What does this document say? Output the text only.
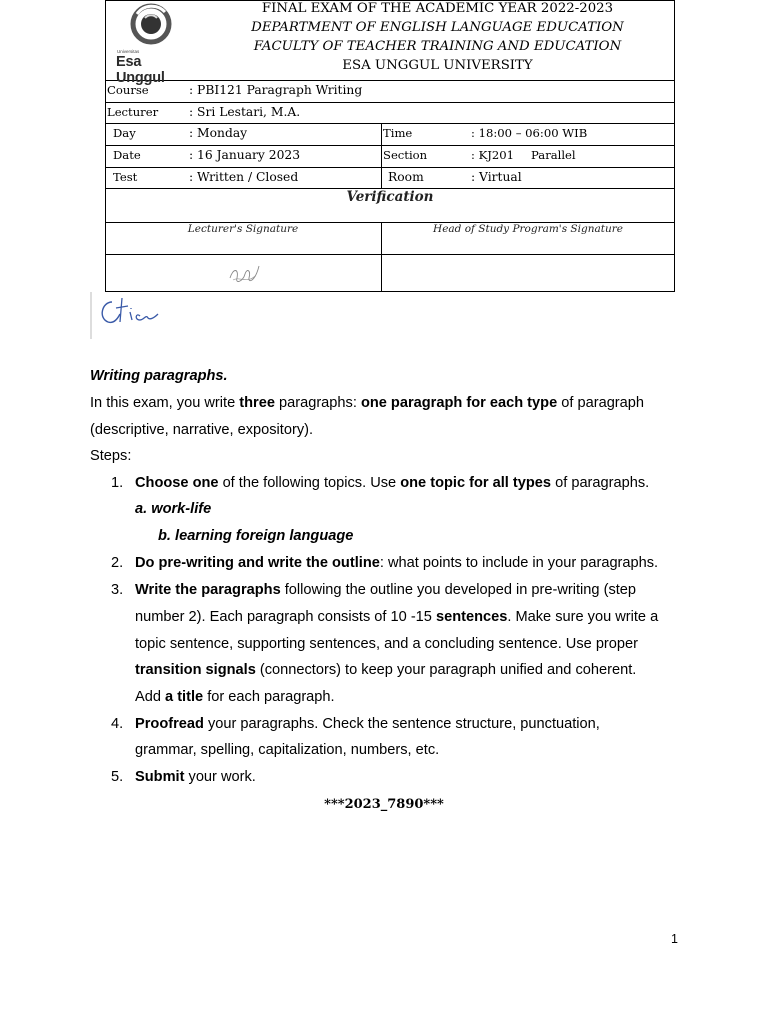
Universitas
Esa Unggul
FINAL EXAM OF THE ACADEMIC YEAR 2022-2023
DEPARTMENT OF ENGLISH LANGUAGE EDUCATION
FACULTY OF TEACHER TRAINING AND EDUCATION
ESA UNGGUL UNIVERSITY
Course	: PBI121 Paragraph Writing
Lecturer	: Sri Lestari, M.A.
Day	: Monday	Time	: 18:00 – 06:00 WIB
Date	: 16 January 2023	Section	: KJ201 Parallel
Test	: Written / Closed	Room	: Virtual
Verification
Lecturer's Signature	Head of Study Program's Signature
Writing paragraphs.
In this exam, you write three paragraphs: one paragraph for each type of paragraph
(descriptive, narrative, expository).
Steps:
1. Choose one of the following topics. Use one topic for all types of paragraphs.
a. work-life
b. learning foreign language
2. Do pre-writing and write the outline: what points to include in your paragraphs.
3. Write the paragraphs following the outline you developed in pre-writing (step
number 2). Each paragraph consists of 10 -15 sentences. Make sure you write a
topic sentence, supporting sentences, and a concluding sentence. Use proper
transition signals (connectors) to keep your paragraph unified and coherent.
Add a title for each paragraph.
4. Proofread your paragraphs. Check the sentence structure, punctuation,
grammar, spelling, capitalization, numbers, etc.
5. Submit your work.
***2023_7890***
1
